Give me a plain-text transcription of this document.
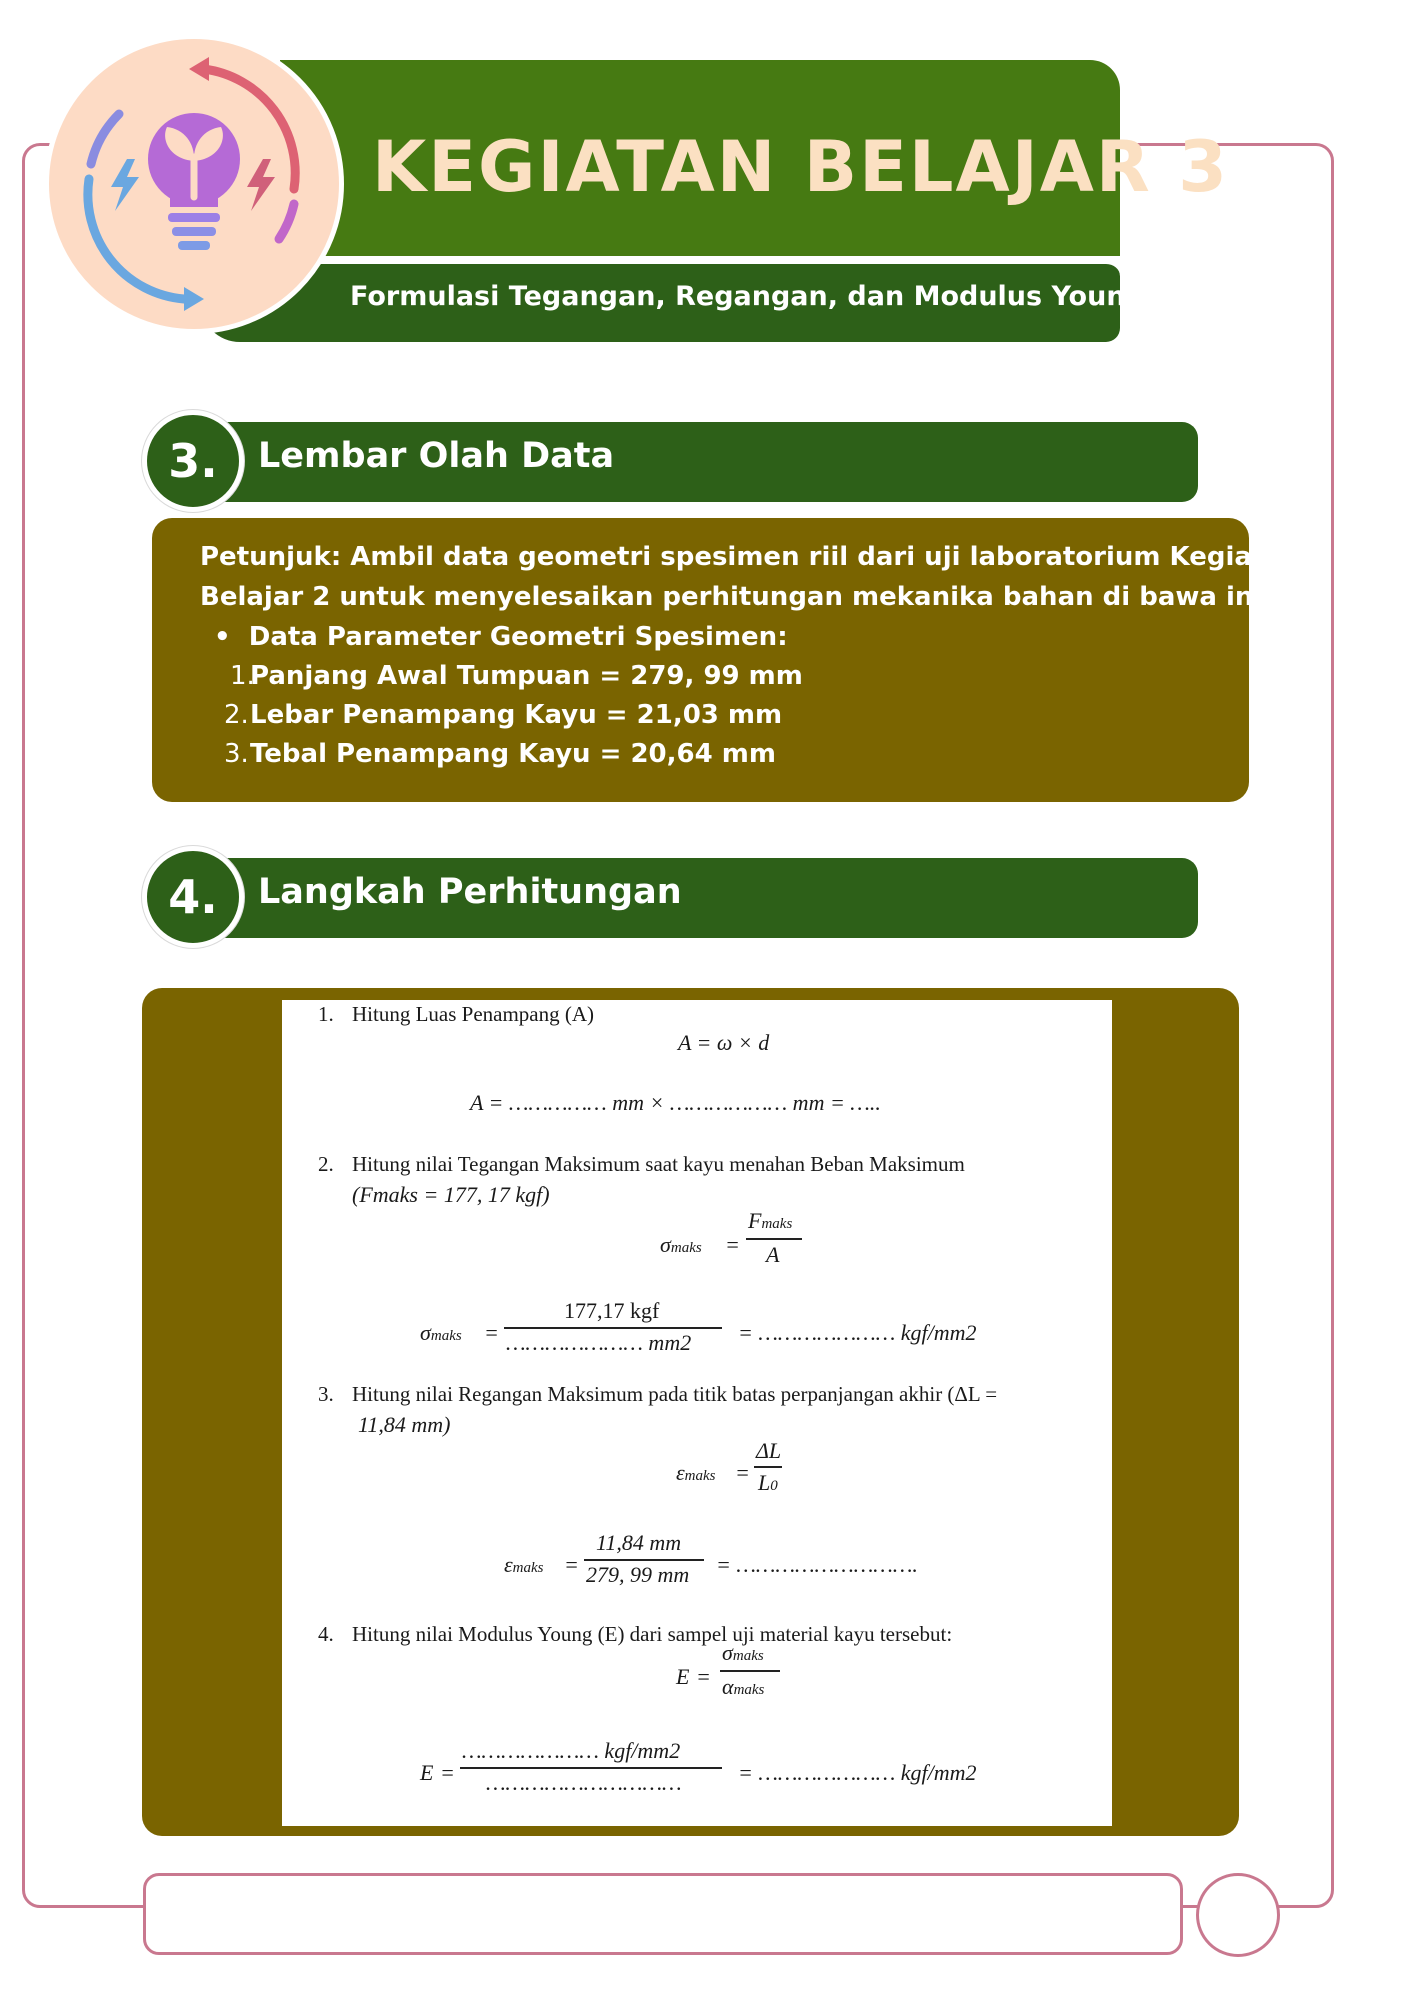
KEGIATAN BELAJAR 3
Formulasi Tegangan, Regangan, dan Modulus Young
3.	Lembar Olah Data
Petunjuk: Ambil data geometri spesimen riil dari uji laboratorium Kegiatan
Belajar 2 untuk menyelesaikan perhitungan mekanika bahan di bawa ini!
•  Data Parameter Geometri Spesimen:
1.
Panjang Awal Tumpuan = 279, 99 mm
2. Lebar Penampang Kayu = 21,03 mm
3. Tebal Penampang Kayu = 20,64 mm
4.	Langkah Perhitungan
1. Hitung Luas Penampang (A)
A = ω × d
A = …………… mm × ……………… mm = …..
2. Hitung nilai Tegangan Maksimum saat kayu menahan Beban Maksimum
(Fmaks = 177, 17 kgf)
σmaks =
Fmaks
A
σmaks =
177,17 kgf
………………… mm2 = ………………… kgf/mm2
3. Hitung nilai Regangan Maksimum pada titik batas perpanjangan akhir (ΔL =
11,84 mm)
εmaks =
ΔL
L0
εmaks =
11,84 mm
279, 99 mm = ……………………….
4. Hitung nilai Modulus Young (E) dari sampel uji material kayu tersebut:
E =
σmaks
αmaks
E =
………………… kgf/mm2
…………………………	= ………………… kgf/mm2
